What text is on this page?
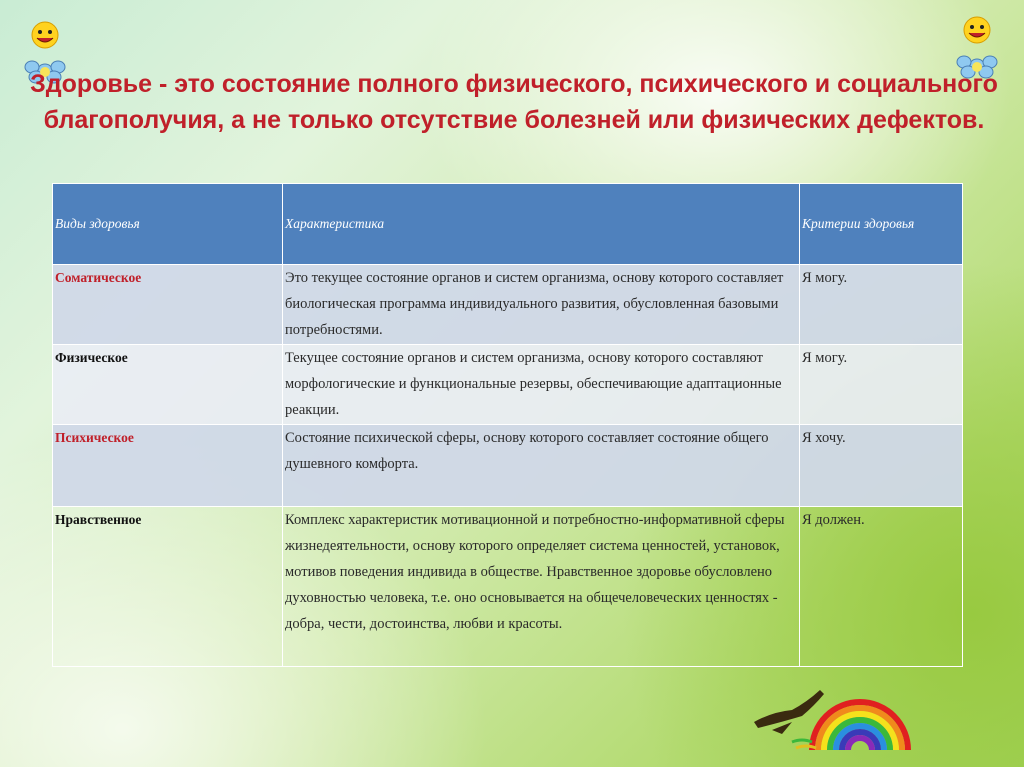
Здоровье - это состояние полного физического, психического и социального благополучия, а не только отсутствие болезней или физических дефектов.
Виды здоровья	Характеристика	Критерии здоровья
Соматическое	Это текущее состояние органов и систем организма, основу которого составляет биологическая программа индивидуального развития, обусловленная базовыми потребностями.	Я могу.
Физическое	Текущее состояние органов и систем организма, основу которого составляют морфологические и функциональные резервы, обеспечивающие адаптационные реакции.	Я могу.
Психическое	Состояние психической сферы, основу которого составляет состояние общего душевного комфорта.	Я хочу.
Нравственное	Комплекс характеристик мотивационной и потребностно-информативной сферы жизнедеятельности, основу которого определяет система ценностей, установок, мотивов поведения индивида в обществе. Нравственное здоровье обусловлено духовностью человека, т.е. оно основывается на общечеловеческих ценностях - добра, чести, достоинства, любви и красоты.	Я должен.
